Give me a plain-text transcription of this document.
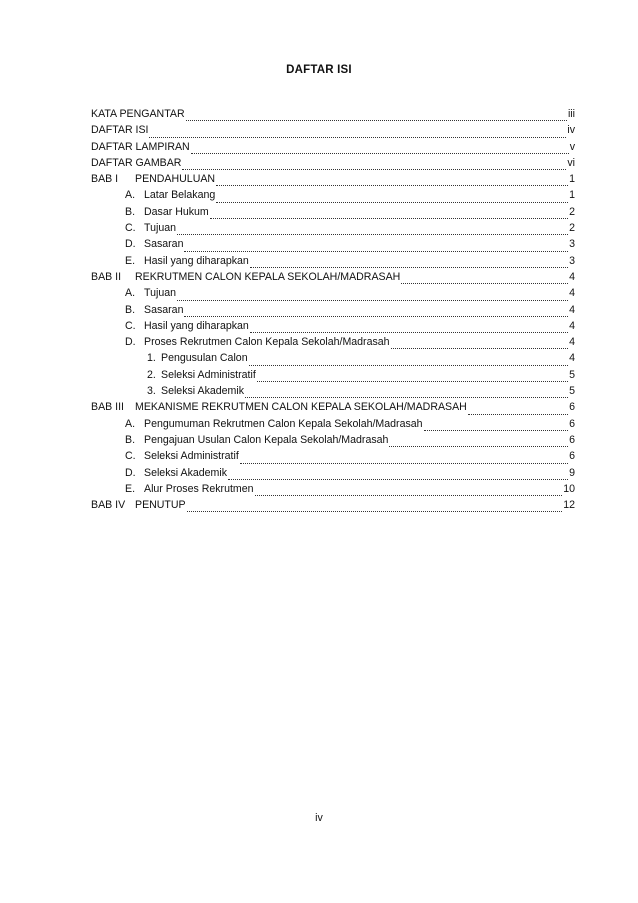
DAFTAR ISI
KATA PENGANTAR	iii
DAFTAR ISI	iv
DAFTAR LAMPIRAN	v
DAFTAR GAMBAR	vi
BAB I	PENDAHULUAN	1
A. Latar Belakang	1
B. Dasar Hukum	2
C. Tujuan	2
D. Sasaran	3
E. Hasil yang diharapkan	3
BAB II	REKRUTMEN CALON KEPALA SEKOLAH/MADRASAH	4
A. Tujuan	4
B. Sasaran	4
C. Hasil yang diharapkan	4
D. Proses Rekrutmen Calon Kepala Sekolah/Madrasah	4
1. Pengusulan Calon	4
2. Seleksi Administratif	5
3. Seleksi Akademik	5
BAB III	MEKANISME REKRUTMEN CALON KEPALA SEKOLAH/MADRASAH	6
A. Pengumuman Rekrutmen Calon Kepala Sekolah/Madrasah	6
B. Pengajuan Usulan Calon Kepala Sekolah/Madrasah	6
C. Seleksi Administratif	6
D. Seleksi Akademik	9
E. Alur Proses Rekrutmen	10
BAB IV PENUTUP	12
iv
